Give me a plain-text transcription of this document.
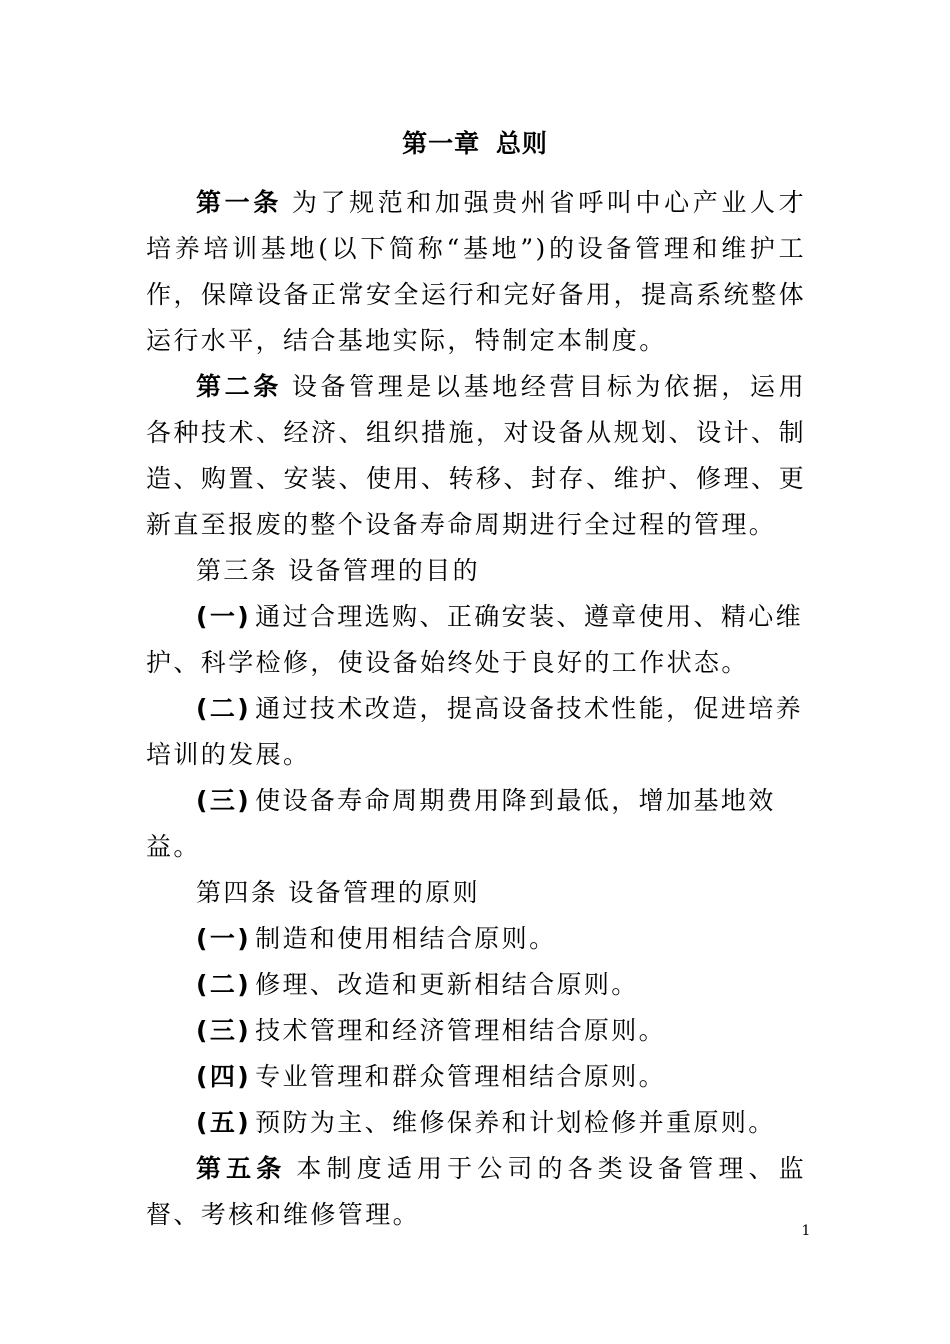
第一章 总则

第一条 为了规范和加强贵州省呼叫中心产业人才培养培训基地(以下简称“基地”)的设备管理和维护工作，保障设备正常安全运行和完好备用，提高系统整体运行水平，结合基地实际，特制定本制度。

第二条 设备管理是以基地经营目标为依据，运用各种技术、经济、组织措施，对设备从规划、设计、制造、购置、安装、使用、转移、封存、维护、修理、更新直至报废的整个设备寿命周期进行全过程的管理。

第三条 设备管理的目的

(一) 通过合理选购、正确安装、遵章使用、精心维护、科学检修，使设备始终处于良好的工作状态。

(二) 通过技术改造，提高设备技术性能，促进培养培训的发展。

(三) 使设备寿命周期费用降到最低，增加基地效益。

第四条 设备管理的原则

(一) 制造和使用相结合原则。

(二) 修理、改造和更新相结合原则。

(三) 技术管理和经济管理相结合原则。

(四) 专业管理和群众管理相结合原则。

(五) 预防为主、维修保养和计划检修并重原则。

第五条 本制度适用于公司的各类设备管理、监督、考核和维修管理。

1
